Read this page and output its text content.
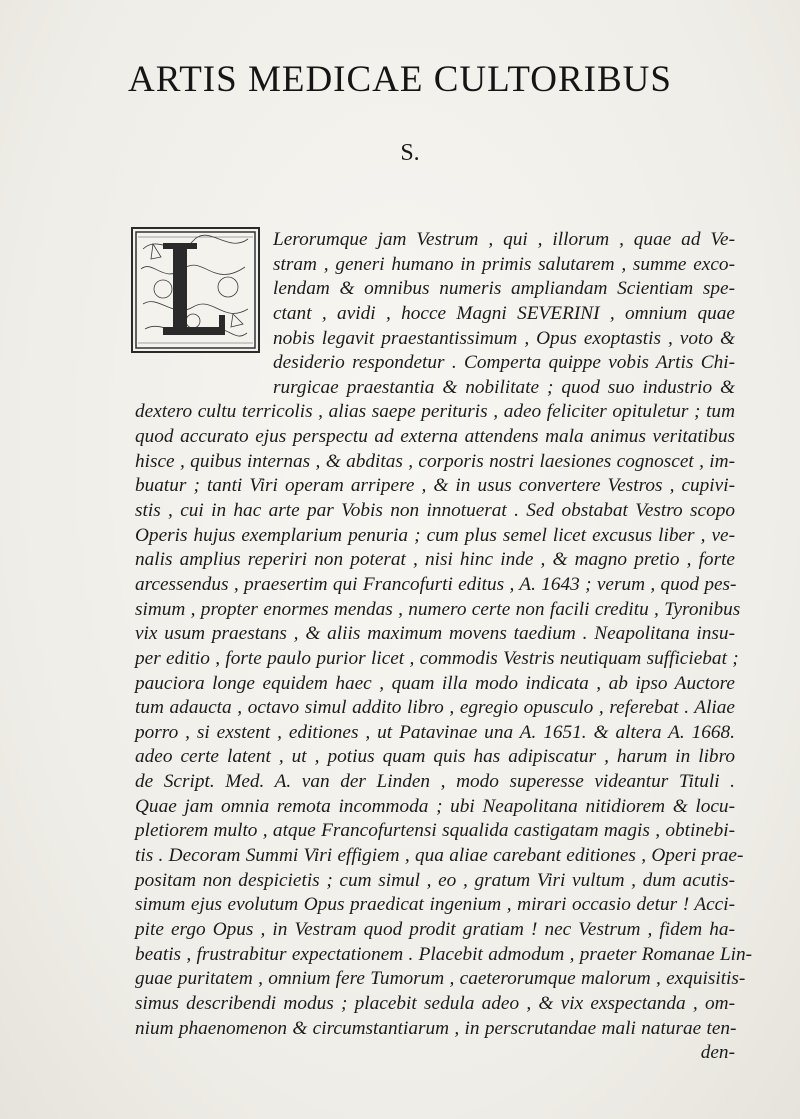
ARTIS MEDICAE CULTORIBUS
S.
Lerorumque jam Vestrum , qui , illorum , quae ad Ve-
stram , generi humano in primis salutarem , summe exco-
lendam & omnibus numeris ampliandam Scientiam spe-
ctant , avidi , hocce Magni SEVERINI , omnium quae
nobis legavit praestantissimum , Opus exoptastis , voto &
desiderio respondetur . Comperta quippe vobis Artis Chi-
rurgicae praestantia & nobilitate ; quod suo industrio &
dextero cultu terricolis , alias saepe perituris , adeo feliciter opituletur ; tum
quod accurato ejus perspectu ad externa attendens mala animus veritatibus
hisce , quibus internas , & abditas , corporis nostri laesiones cognoscet , im-
buatur ; tanti Viri operam arripere , & in usus convertere Vestros , cupivi-
stis , cui in hac arte par Vobis non innotuerat . Sed obstabat Vestro scopo
Operis hujus exemplarium penuria ; cum plus semel licet excusus liber , ve-
nalis amplius reperiri non poterat , nisi hinc inde , & magno pretio , forte
arcessendus , praesertim qui Francofurti editus , A. 1643 ; verum , quod pes-
simum , propter enormes mendas , numero certe non facili creditu , Tyronibus
vix usum praestans , & aliis maximum movens taedium . Neapolitana insu-
per editio , forte paulo purior licet , commodis Vestris neutiquam sufficiebat ;
pauciora longe equidem haec , quam illa modo indicata , ab ipso Auctore
tum adaucta , octavo simul addito libro , egregio opusculo , referebat . Aliae
porro , si exstent , editiones , ut Patavinae una A. 1651. & altera A. 1668.
adeo certe latent , ut , potius quam quis has adipiscatur , harum in libro
de Script. Med. A. van der Linden , modo superesse videantur Tituli .
Quae jam omnia remota incommoda ; ubi Neapolitana nitidiorem & locu-
pletiorem multo , atque Francofurtensi squalida castigatam magis , obtinebi-
tis . Decoram Summi Viri effigiem , qua aliae carebant editiones , Operi prae-
positam non despicietis ; cum simul , eo , gratum Viri vultum , dum acutis-
simum ejus evolutum Opus praedicat ingenium , mirari occasio detur ! Acci-
pite ergo Opus , in Vestram quod prodit gratiam ! nec Vestrum , fidem ha-
beatis , frustrabitur expectationem . Placebit admodum , praeter Romanae Lin-
guae puritatem , omnium fere Tumorum , caeterorumque malorum , exquisitis-
simus describendi modus ; placebit sedula adeo , & vix exspectanda , om-
nium phaenomenon & circumstantiarum , in perscrutandae mali naturae ten-
den-
